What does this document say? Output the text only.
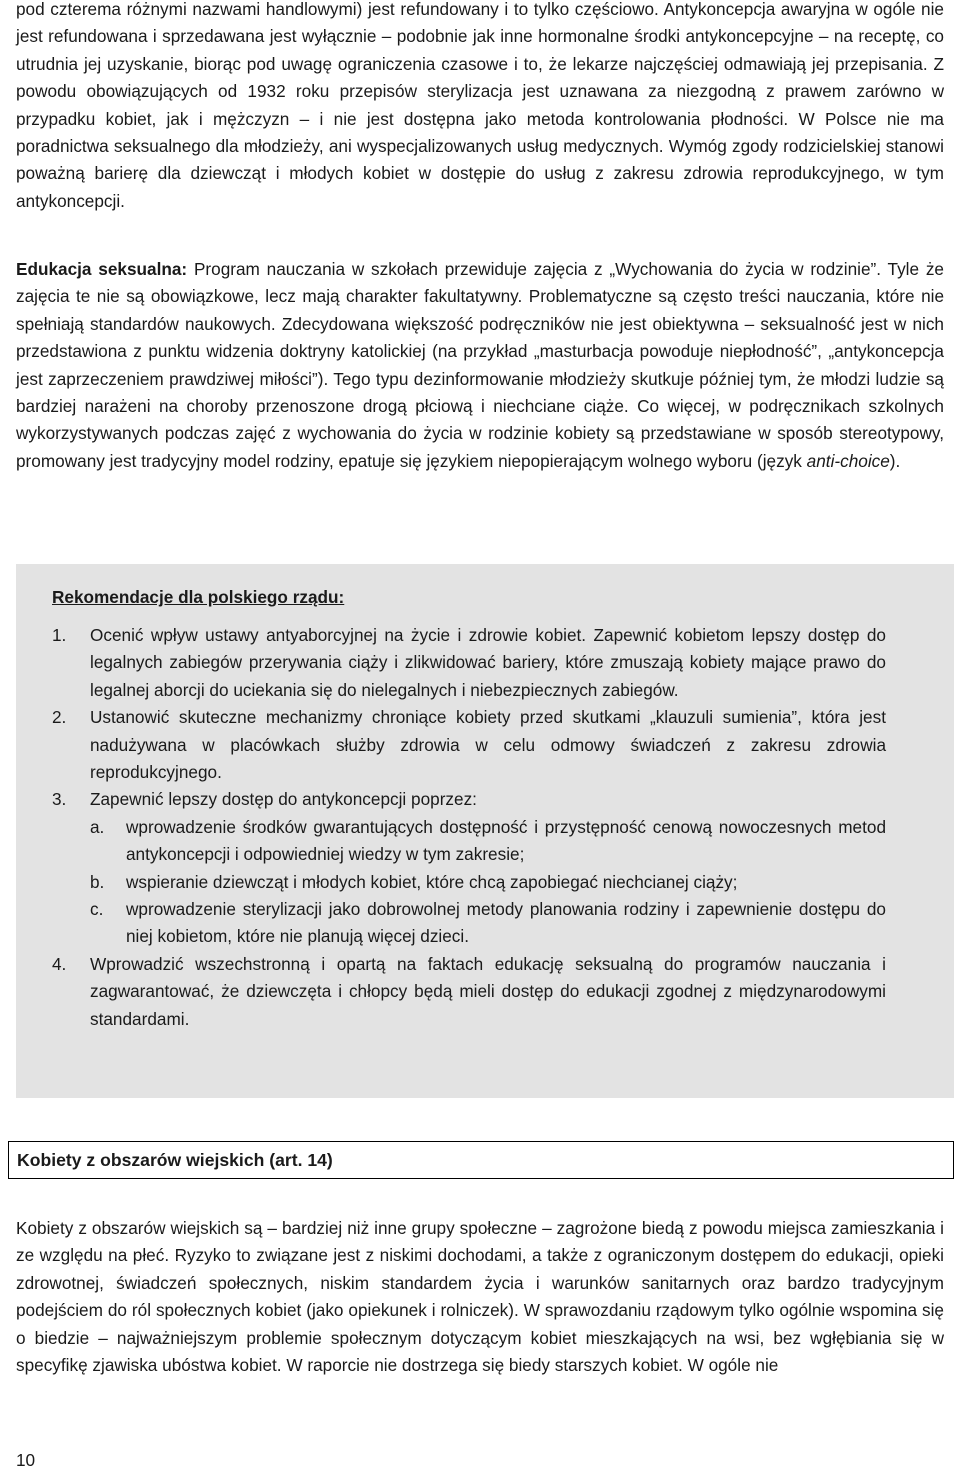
pod czterema różnymi nazwami handlowymi) jest refundowany i to tylko częściowo. Antykoncepcja awaryjna w ogóle nie jest refundowana i sprzedawana jest wyłącznie – podobnie jak inne hormonalne środki antykoncepcyjne – na receptę, co utrudnia jej uzyskanie, biorąc pod uwagę ograniczenia czasowe i to, że lekarze najczęściej odmawiają jej przepisania. Z powodu obowiązujących od 1932 roku przepisów sterylizacja jest uznawana za niezgodną z prawem zarówno w przypadku kobiet, jak i mężczyzn – i nie jest dostępna jako metoda kontrolowania płodności. W Polsce nie ma poradnictwa seksualnego dla młodzieży, ani wyspecjalizowanych usług medycznych. Wymóg zgody rodzicielskiej stanowi poważną barierę dla dziewcząt i młodych kobiet w dostępie do usług z zakresu zdrowia reprodukcyjnego, w tym antykoncepcji.

Edukacja seksualna: Program nauczania w szkołach przewiduje zajęcia z „Wychowania do życia w rodzinie”. Tyle że zajęcia te nie są obowiązkowe, lecz mają charakter fakultatywny. Problematyczne są często treści nauczania, które nie spełniają standardów naukowych. Zdecydowana większość podręczników nie jest obiektywna – seksualność jest w nich przedstawiona z punktu widzenia doktryny katolickiej (na przykład „masturbacja powoduje niepłodność”, „antykoncepcja jest zaprzeczeniem prawdziwej miłości”). Tego typu dezinformowanie młodzieży skutkuje później tym, że młodzi ludzie są bardziej narażeni na choroby przenoszone drogą płciową i niechciane ciąże. Co więcej, w podręcznikach szkolnych wykorzystywanych podczas zajęć z wychowania do życia w rodzinie kobiety są przedstawiane w sposób stereotypowy, promowany jest tradycyjny model rodziny, epatuje się językiem niepopierającym wolnego wyboru (język anti-choice).

Rekomendacje dla polskiego rządu:

1. Ocenić wpływ ustawy antyaborcyjnej na życie i zdrowie kobiet. Zapewnić kobietom lepszy dostęp do legalnych zabiegów przerywania ciąży i zlikwidować bariery, które zmuszają kobiety mające prawo do legalnej aborcji do uciekania się do nielegalnych i niebezpiecznych zabiegów.
2. Ustanowić skuteczne mechanizmy chroniące kobiety przed skutkami „klauzuli sumienia”, która jest nadużywana w placówkach służby zdrowia w celu odmowy świadczeń z zakresu zdrowia reprodukcyjnego.
3. Zapewnić lepszy dostęp do antykoncepcji poprzez:
a. wprowadzenie środków gwarantujących dostępność i przystępność cenową nowoczesnych metod antykoncepcji i odpowiedniej wiedzy w tym zakresie;
b. wspieranie dziewcząt i młodych kobiet, które chcą zapobiegać niechcianej ciąży;
c. wprowadzenie sterylizacji jako dobrowolnej metody planowania rodziny i zapewnienie dostępu do niej kobietom, które nie planują więcej dzieci.
4. Wprowadzić wszechstronną i opartą na faktach edukację seksualną do programów nauczania i zagwarantować, że dziewczęta i chłopcy będą mieli dostęp do edukacji zgodnej z międzynarodowymi standardami.

Kobiety z obszarów wiejskich (art. 14)

Kobiety z obszarów wiejskich są – bardziej niż inne grupy społeczne – zagrożone biedą z powodu miejsca zamieszkania i ze względu na płeć. Ryzyko to związane jest z niskimi dochodami, a także z ograniczonym dostępem do edukacji, opieki zdrowotnej, świadczeń społecznych, niskim standardem życia i warunków sanitarnych oraz bardzo tradycyjnym podejściem do ról społecznych kobiet (jako opiekunek i rolniczek). W sprawozdaniu rządowym tylko ogólnie wspomina się o biedzie – najważniejszym problemie społecznym dotyczącym kobiet mieszkających na wsi, bez wgłębiania się w specyfikę zjawiska ubóstwa kobiet. W raporcie nie dostrzega się biedy starszych kobiet. W ogóle nie

10
